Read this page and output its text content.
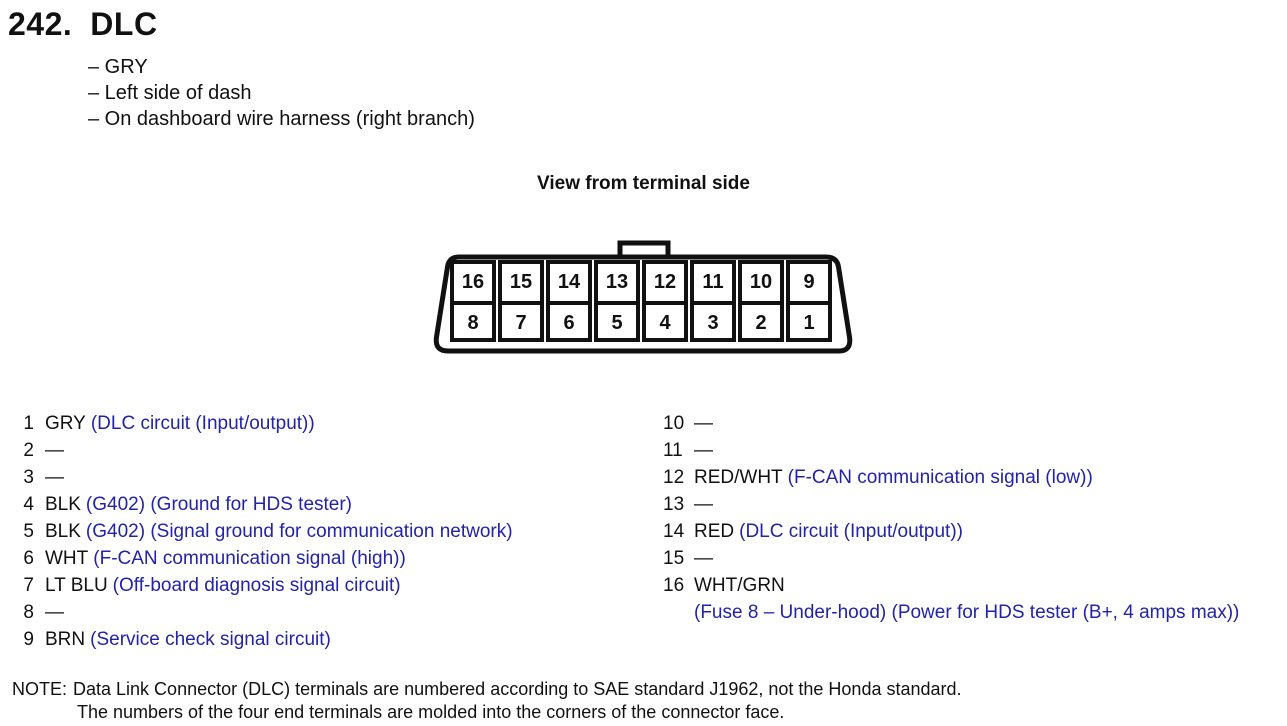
242. DLC
– GRY
– Left side of dash
– On dashboard wire harness (right branch)
View from terminal side
16
8
15
7
14
6
13
5
12
4
11
3
10
2
9
1
1 GRY (DLC circuit (Input/output))
2 —
3 —
4 BLK (G402) (Ground for HDS tester)
5 BLK (G402) (Signal ground for communication network)
6 WHT (F-CAN communication signal (high))
7 LT BLU (Off-board diagnosis signal circuit)
8 —
9 BRN (Service check signal circuit)
10 —
11 —
12 RED/WHT (F-CAN communication signal (low))
13 —
14 RED (DLC circuit (Input/output))
15 —
16 WHT/GRN
(Fuse 8 – Under-hood) (Power for HDS tester (B+, 4 amps max))
NOTE: Data Link Connector (DLC) terminals are numbered according to SAE standard J1962, not the Honda standard.
The numbers of the four end terminals are molded into the corners of the connector face.
